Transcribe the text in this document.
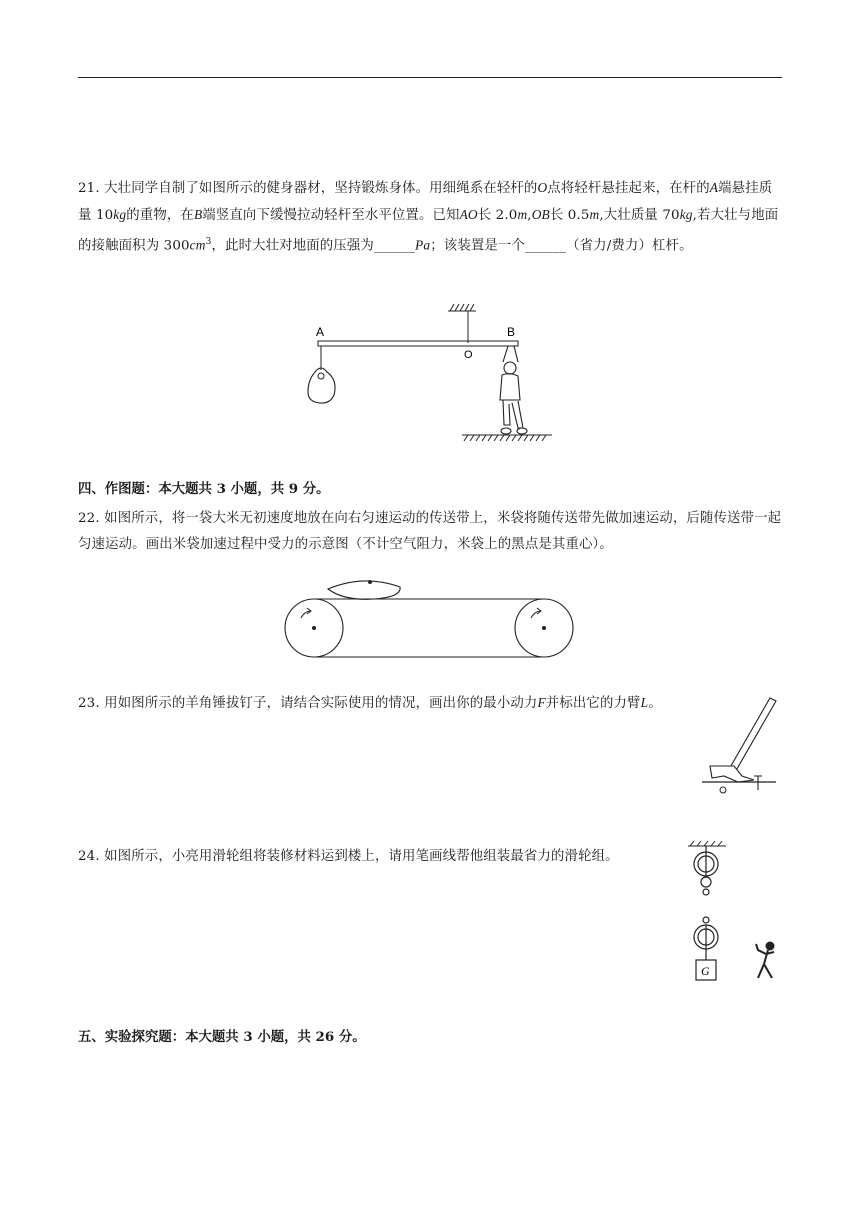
21. 大壮同学自制了如图所示的健身器材，坚持锻炼身体。用细绳系在轻杆的O点将轻杆悬挂起来，在杆的A端悬挂质量 10kg的重物，在B端竖直向下缓慢拉动轻杆至水平位置。已知AO长 2.0m,OB长 0.5m,大壮质量 70kg,若大壮与地面的接触面积为 $300cm^3$，此时大壮对地面的压强为______Pa；该装置是一个______（省力/费力）杠杆。
A	B
O
四、作图题：本大题共 3 小题，共 9 分。
22. 如图所示，将一袋大米无初速度地放在向右匀速运动的传送带上，米袋将随传送带先做加速运动，后随传送带一起匀速运动。画出米袋加速过程中受力的示意图（不计空气阻力，米袋上的黑点是其重心）。
23. 用如图所示的羊角锤拔钉子，请结合实际使用的情况，画出你的最小动力F并标出它的力臂L。
O
24. 如图所示，小亮用滑轮组将装修材料运到楼上，请用笔画线帮他组装最省力的滑轮组。
G
五、实验探究题：本大题共 3 小题，共 26 分。
